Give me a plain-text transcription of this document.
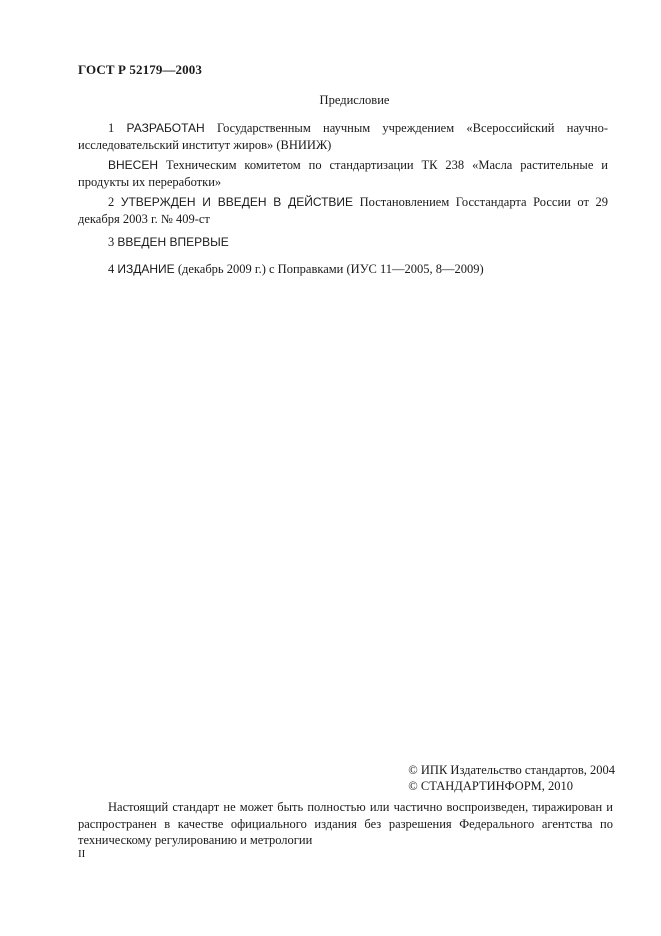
ГОСТ Р 52179—2003
Предисловие
1 РАЗРАБОТАН Государственным научным учреждением «Всероссийский научно-исследовательский институт жиров» (ВНИИЖ)
ВНЕСЕН Техническим комитетом по стандартизации ТК 238 «Масла растительные и продукты их переработки»
2 УТВЕРЖДЕН И ВВЕДЕН В ДЕЙСТВИЕ Постановлением Госстандарта России от 29 декабря 2003 г. № 409-ст
3 ВВЕДЕН ВПЕРВЫЕ
4 ИЗДАНИЕ (декабрь 2009 г.) с Поправками (ИУС 11—2005, 8—2009)
© ИПК Издательство стандартов, 2004
© СТАНДАРТИНФОРМ, 2010
Настоящий стандарт не может быть полностью или частично воспроизведен, тиражирован и распространен в качестве официального издания без разрешения Федерального агентства по техническому регулированию и метрологии
II
